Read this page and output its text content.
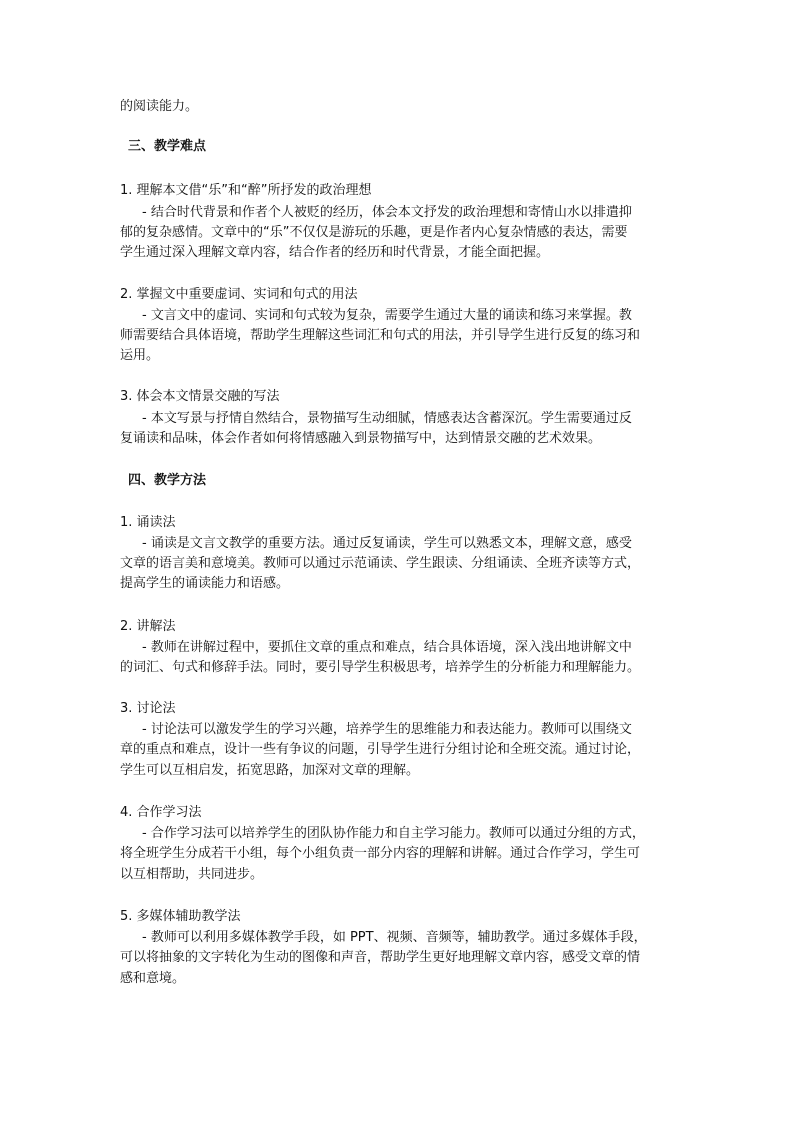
的阅读能力。

三、教学难点

1. 理解本文借“乐”和“醉”所抒发的政治理想

- 结合时代背景和作者个人被贬的经历，体会本文抒发的政治理想和寄情山水以排遣抑

郁的复杂感情。文章中的“乐”不仅仅是游玩的乐趣，更是作者内心复杂情感的表达，需要

学生通过深入理解文章内容，结合作者的经历和时代背景，才能全面把握。

2. 掌握文中重要虚词、实词和句式的用法

- 文言文中的虚词、实词和句式较为复杂，需要学生通过大量的诵读和练习来掌握。教

师需要结合具体语境，帮助学生理解这些词汇和句式的用法，并引导学生进行反复的练习和

运用。

3. 体会本文情景交融的写法

- 本文写景与抒情自然结合，景物描写生动细腻，情感表达含蓄深沉。学生需要通过反

复诵读和品味，体会作者如何将情感融入到景物描写中，达到情景交融的艺术效果。

四、教学方法

1. 诵读法

- 诵读是文言文教学的重要方法。通过反复诵读，学生可以熟悉文本，理解文意，感受

文章的语言美和意境美。教师可以通过示范诵读、学生跟读、分组诵读、全班齐读等方式，

提高学生的诵读能力和语感。

2. 讲解法

- 教师在讲解过程中，要抓住文章的重点和难点，结合具体语境，深入浅出地讲解文中

的词汇、句式和修辞手法。同时，要引导学生积极思考，培养学生的分析能力和理解能力。

3. 讨论法

- 讨论法可以激发学生的学习兴趣，培养学生的思维能力和表达能力。教师可以围绕文

章的重点和难点，设计一些有争议的问题，引导学生进行分组讨论和全班交流。通过讨论，

学生可以互相启发，拓宽思路，加深对文章的理解。

4. 合作学习法

- 合作学习法可以培养学生的团队协作能力和自主学习能力。教师可以通过分组的方式，

将全班学生分成若干小组，每个小组负责一部分内容的理解和讲解。通过合作学习，学生可

以互相帮助，共同进步。

5. 多媒体辅助教学法

- 教师可以利用多媒体教学手段，如 PPT、视频、音频等，辅助教学。通过多媒体手段，

可以将抽象的文字转化为生动的图像和声音，帮助学生更好地理解文章内容，感受文章的情

感和意境。
